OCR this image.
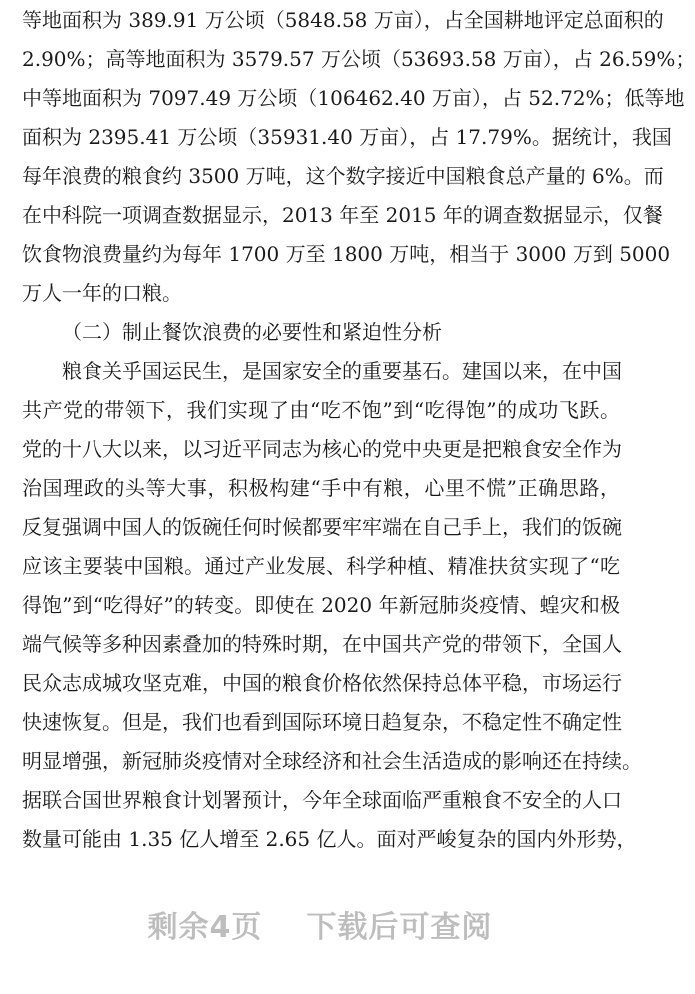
等地面积为 389.91 万公顷（5848.58 万亩），占全国耕地评定总面积的
2.90%；高等地面积为 3579.57 万公顷（53693.58 万亩），占 26.59%；
中等地面积为 7097.49 万公顷（106462.40 万亩），占 52.72%；低等地
面积为 2395.41 万公顷（35931.40 万亩），占 17.79%。据统计，我国
每年浪费的粮食约 3500 万吨，这个数字接近中国粮食总产量的 6%。而
在中科院一项调查数据显示，2013 年至 2015 年的调查数据显示，仅餐
饮食物浪费量约为每年 1700 万至 1800 万吨，相当于 3000 万到 5000
万人一年的口粮。
（二）制止餐饮浪费的必要性和紧迫性分析
粮食关乎国运民生，是国家安全的重要基石。建国以来，在中国
共产党的带领下，我们实现了由“吃不饱”到“吃得饱”的成功飞跃。
党的十八大以来，以习近平同志为核心的党中央更是把粮食安全作为
治国理政的头等大事，积极构建“手中有粮，心里不慌”正确思路，
反复强调中国人的饭碗任何时候都要牢牢端在自己手上，我们的饭碗
应该主要装中国粮。通过产业发展、科学种植、精准扶贫实现了“吃
得饱”到“吃得好”的转变。即使在 2020 年新冠肺炎疫情、蝗灾和极
端气候等多种因素叠加的特殊时期，在中国共产党的带领下，全国人
民众志成城攻坚克难，中国的粮食价格依然保持总体平稳，市场运行
快速恢复。但是，我们也看到国际环境日趋复杂，不稳定性不确定性
明显增强，新冠肺炎疫情对全球经济和社会生活造成的影响还在持续。
据联合国世界粮食计划署预计，今年全球面临严重粮食不安全的人口
数量可能由 1.35 亿人增至 2.65 亿人。面对严峻复杂的国内外形势，
剩余4页 下载后可查阅
